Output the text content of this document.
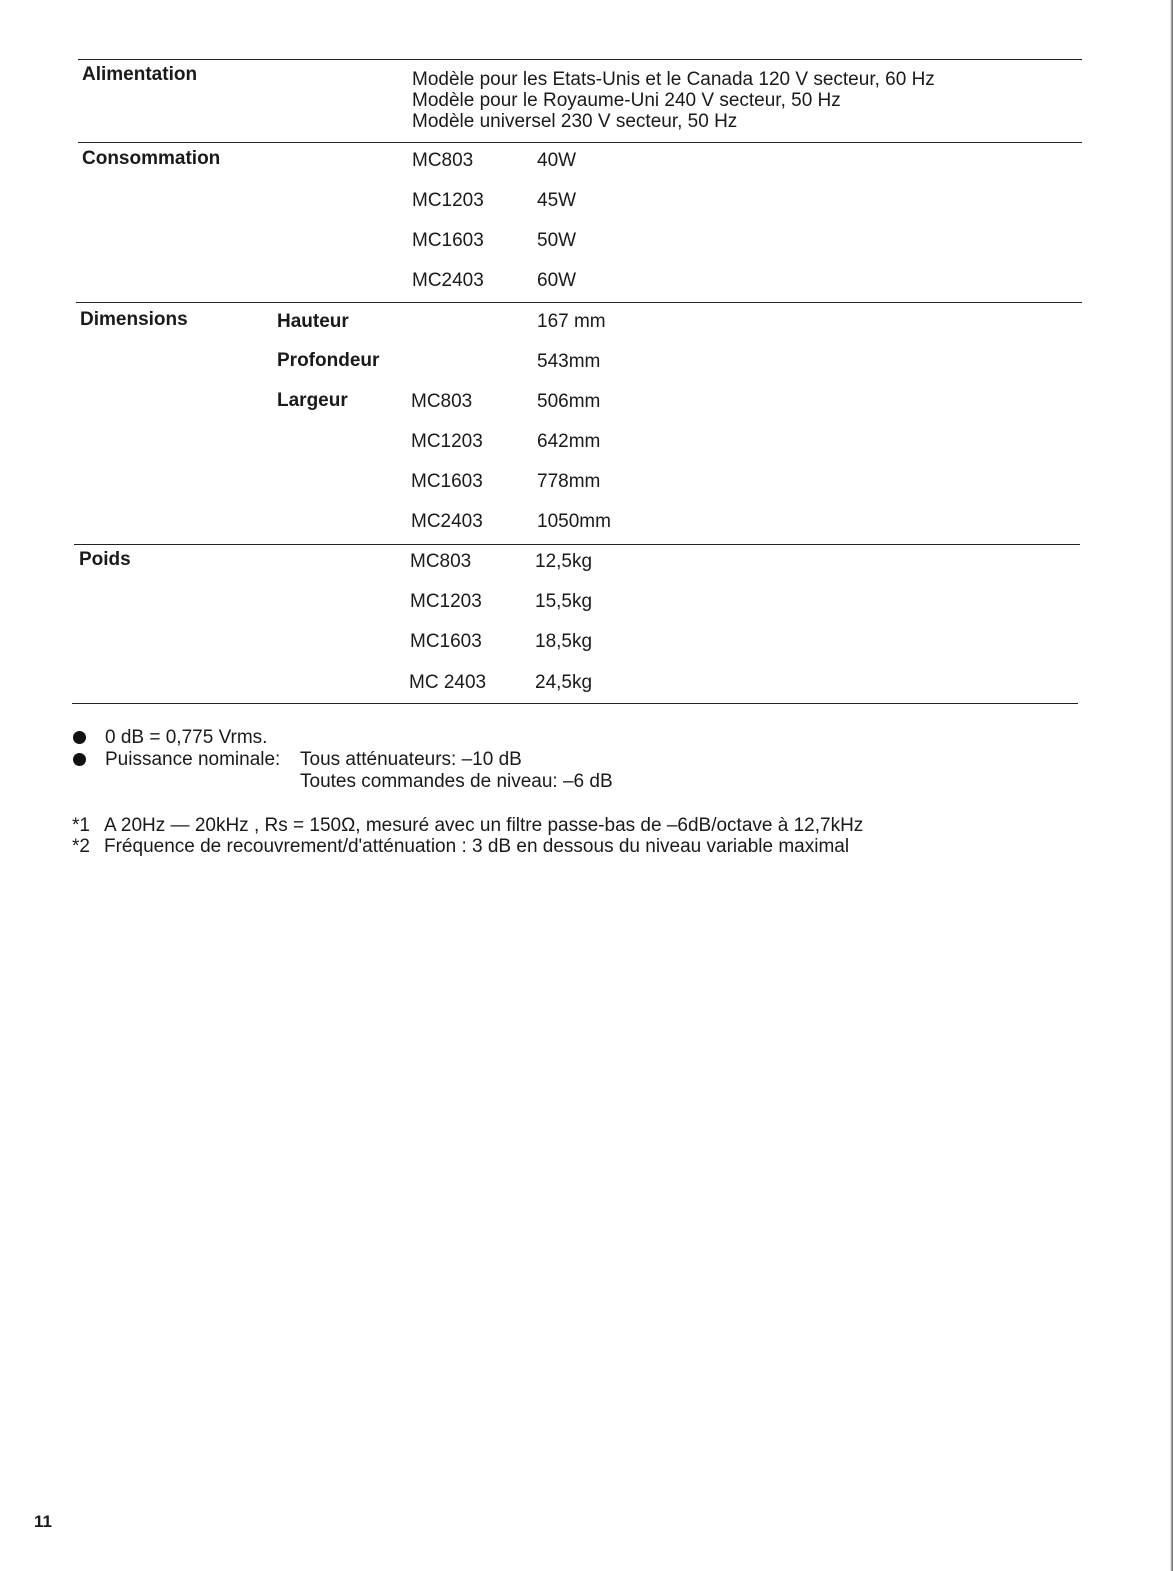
Alimentation	Modèle pour les Etats-Unis et le Canada 120 V secteur, 60 Hz
Modèle pour le Royaume-Uni 240 V secteur, 50 Hz
Modèle universel 230 V secteur, 50 Hz
Consommation	MC803	40W
MC1203	45W
MC1603	50W
MC2403	60W
Dimensions	Hauteur	167 mm
Profondeur	543mm
Largeur	MC803	506mm
MC1203	642mm
MC1603	778mm
MC2403	1050mm
Poids	MC803	12,5kg
MC1203	15,5kg
MC1603	18,5kg
MC 2403	24,5kg
0 dB = 0,775 Vrms.
Puissance nominale: Tous atténuateurs: –10 dB
Toutes commandes de niveau: –6 dB
*1 A 20Hz — 20kHz , Rs = 150Ω, mesuré avec un filtre passe-bas de –6dB/octave à 12,7kHz
*2 Fréquence de recouvrement/d'atténuation : 3 dB en dessous du niveau variable maximal
11
